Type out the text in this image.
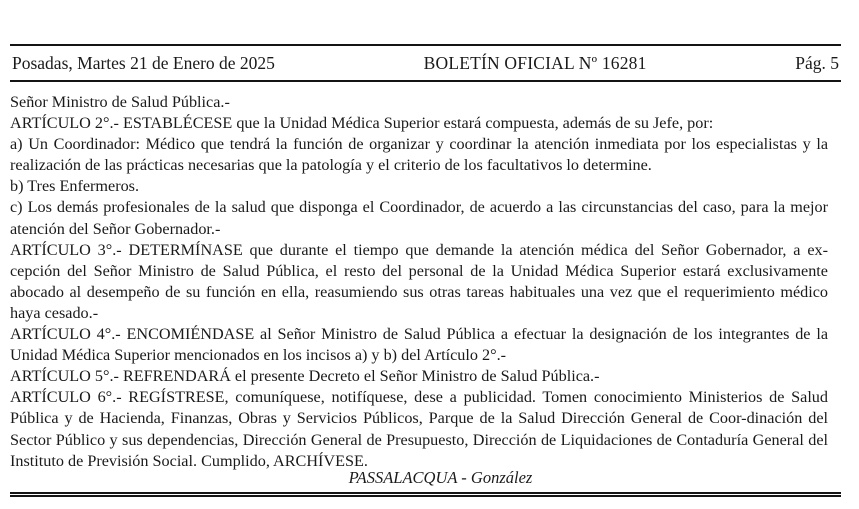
Posadas, Martes 21 de Enero de 2025	BOLETÍN OFICIAL Nº 16281	Pág. 5

Señor Ministro de Salud Pública.-

ARTÍCULO 2°.- ESTABLÉCESE que la Unidad Médica Superior estará compuesta, además de su Jefe, por:

a) Un Coordinador: Médico que tendrá la función de organizar y coordinar la atención inmediata por los especialistas y la realización de las prácticas necesarias que la patología y el criterio de los facultativos lo determine.

b) Tres Enfermeros.

c) Los demás profesionales de la salud que disponga el Coordinador, de acuerdo a las circunstancias del caso, para la mejor atención del Señor Gobernador.-

ARTÍCULO 3°.- DETERMÍNASE que durante el tiempo que demande la atención médica del Señor Gobernador, a ex-cepción del Señor Ministro de Salud Pública, el resto del personal de la Unidad Médica Superior estará exclusivamente abocado al desempeño de su función en ella, reasumiendo sus otras tareas habituales una vez que el requerimiento médico haya cesado.-

ARTÍCULO 4°.- ENCOMIÉNDASE al Señor Ministro de Salud Pública a efectuar la designación de los integrantes de la Unidad Médica Superior mencionados en los incisos a) y b) del Artículo 2°.-

ARTÍCULO 5°.- REFRENDARÁ el presente Decreto el Señor Ministro de Salud Pública.-

ARTÍCULO 6°.- REGÍSTRESE, comuníquese, notifíquese, dese a publicidad. Tomen conocimiento Ministerios de Salud Pública y de Hacienda, Finanzas, Obras y Servicios Públicos, Parque de la Salud Dirección General de Coor-dinación del Sector Público y sus dependencias, Dirección General de Presupuesto, Dirección de Liquidaciones de Contaduría General del Instituto de Previsión Social. Cumplido, ARCHÍVESE.

PASSALACQUA - González
